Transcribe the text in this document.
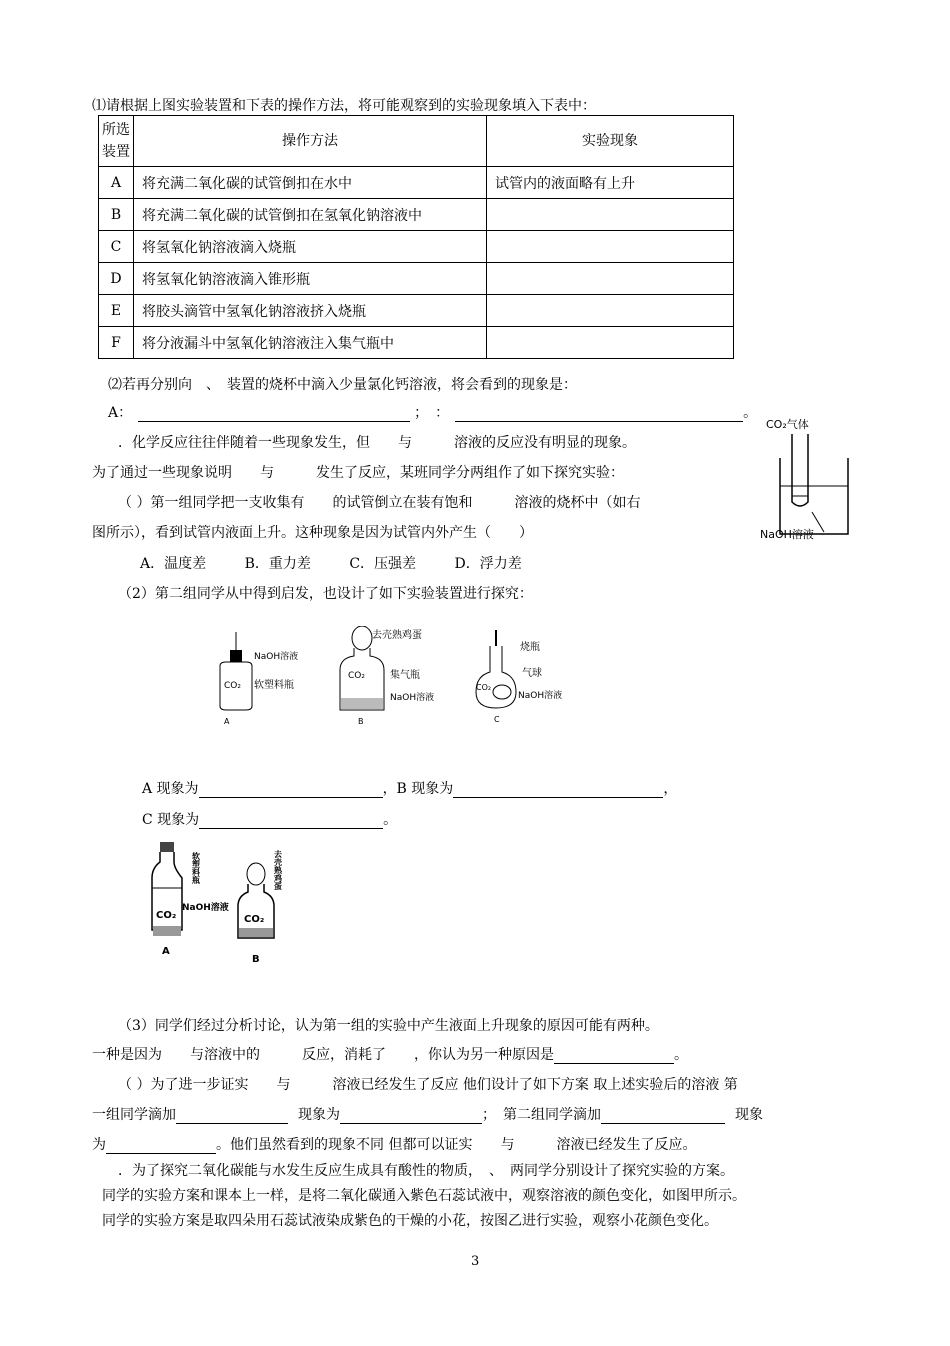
⑴请根据上图实验装置和下表的操作方法，将可能观察到的实验现象填入下表中：
所选
装置	操作方法	实验现象
A	将充满二氧化碳的试管倒扣在水中	试管内的液面略有上升
B	将充满二氧化碳的试管倒扣在氢氧化钠溶液中	
C	将氢氧化钠溶液滴入烧瓶	
D	将氢氧化钠溶液滴入锥形瓶	
E	将胶头滴管中氢氧化钠溶液挤入烧瓶	
F	将分液漏斗中氢氧化钠溶液注入集气瓶中	
⑵若再分别向　、　装置的烧杯中滴入少量氯化钙溶液，将会看到的现象是：
A：	；　：	。
．化学反应往往伴随着一些现象发生，但　　与　　　溶液的反应没有明显的现象。
为了通过一些现象说明　　与　　　发生了反应，某班同学分两组作了如下探究实验：
（ ）第一组同学把一支收集有　　的试管倒立在装有饱和　　　溶液的烧杯中（如右
图所示），看到试管内液面上升。这种现象是因为试管内外产生（　　）
A．温度差	B．重力差	C．压强差	D．浮力差
（2）第二组同学从中得到启发，也设计了如下实验装置进行探究：
CO₂气体
NaOH溶液
NaOH溶液
CO₂ 软塑料瓶
A
去壳熟鸡蛋
CO₂	集气瓶
NaOH溶液
B
烧瓶
气球
CO₂
NaOH溶液
C
A 现象为	，B 现象为	，
C 现象为	。
CO₂
A
软塑料瓶
NaOH溶液
CO₂
B
去壳熟鸡蛋
（3）同学们经过分析讨论，认为第一组的实验中产生液面上升现象的原因可能有两种。
一种是因为　　与溶液中的　　　反应，消耗了　　，你认为另一种原因是	。
（ ）为了进一步证实　　与　　　溶液已经发生了反应 他们设计了如下方案 取上述实验后的溶液 第
一组同学滴加	现象为	；　第二组同学滴加	现象
为	。他们虽然看到的现象不同 但都可以证实　　与　　　溶液已经发生了反应。
．为了探究二氧化碳能与水发生反应生成具有酸性的物质，　、　两同学分别设计了探究实验的方案。
同学的实验方案和课本上一样，是将二氧化碳通入紫色石蕊试液中，观察溶液的颜色变化，如图甲所示。
同学的实验方案是取四朵用石蕊试液染成紫色的干燥的小花，按图乙进行实验，观察小花颜色变化。
3
